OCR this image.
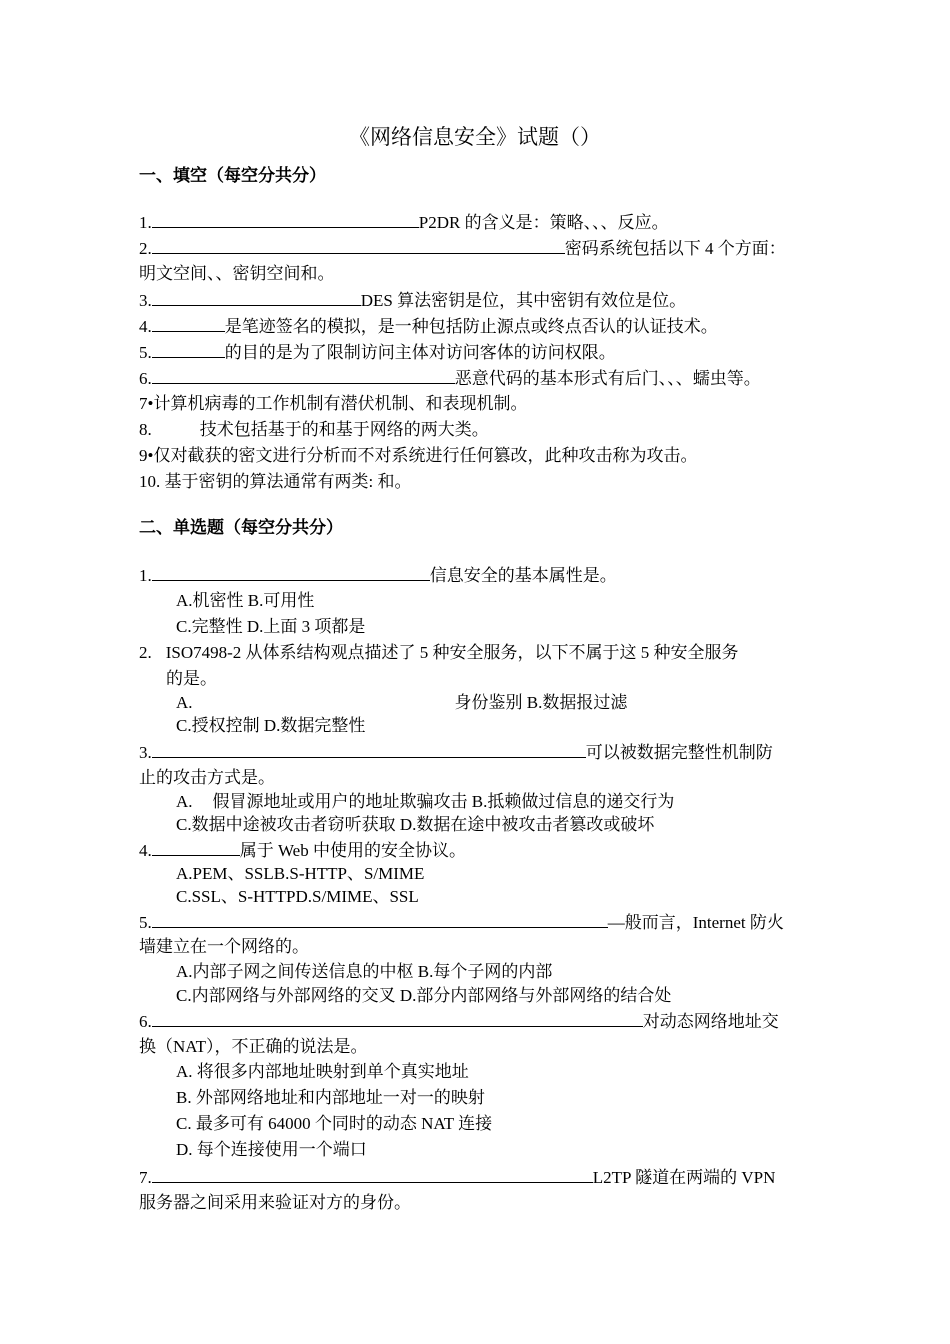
《网络信息安全》试题（）
一、填空（每空分共分）
1.	P2DR 的含义是：策略、、、反应。
2.	密码系统包括以下 4 个方面：
明文空间、、密钥空间和。
3.	DES 算法密钥是位，其中密钥有效位是位。
4.	是笔迹签名的模拟，是一种包括防止源点或终点否认的认证技术。
5.	的目的是为了限制访问主体对访问客体的访问权限。
6.	恶意代码的基本形式有后门、、、蠕虫等。
7•计算机病毒的工作机制有潜伏机制、和表现机制。
8.	技术包括基于的和基于网络的两大类。
9•仅对截获的密文进行分析而不对系统进行任何篡改，此种攻击称为攻击。
10. 基于密钥的算法通常有两类: 和。
二、单选题（每空分共分）
1.	信息安全的基本属性是。
A.机密性 B.可用性
C.完整性 D.上面 3 项都是
2. ISO7498-2 从体系结构观点描述了 5 种安全服务，以下不属于这 5 种安全服务
的是。
A.	身份鉴别 B.数据报过滤
C.授权控制 D.数据完整性
3.	可以被数据完整性机制防
止的攻击方式是。
A. 假冒源地址或用户的地址欺骗攻击 B.抵赖做过信息的递交行为
C.数据中途被攻击者窃听获取 D.数据在途中被攻击者篡改或破坏
4.	属于 Web 中使用的安全协议。
A.PEM、SSLB.S-HTTP、S/MIME
C.SSL、S-HTTPD.S/MIME、SSL
5.	—般而言，Internet 防火
墙建立在一个网络的。
A.内部子网之间传送信息的中枢 B.每个子网的内部
C.内部网络与外部网络的交叉 D.部分内部网络与外部网络的结合处
6.	对动态网络地址交
换（NAT），不正确的说法是。
A. 将很多内部地址映射到单个真实地址
B. 外部网络地址和内部地址一对一的映射
C. 最多可有 64000 个同时的动态 NAT 连接
D. 每个连接使用一个端口
7.	L2TP 隧道在两端的 VPN
服务器之间采用来验证对方的身份。
